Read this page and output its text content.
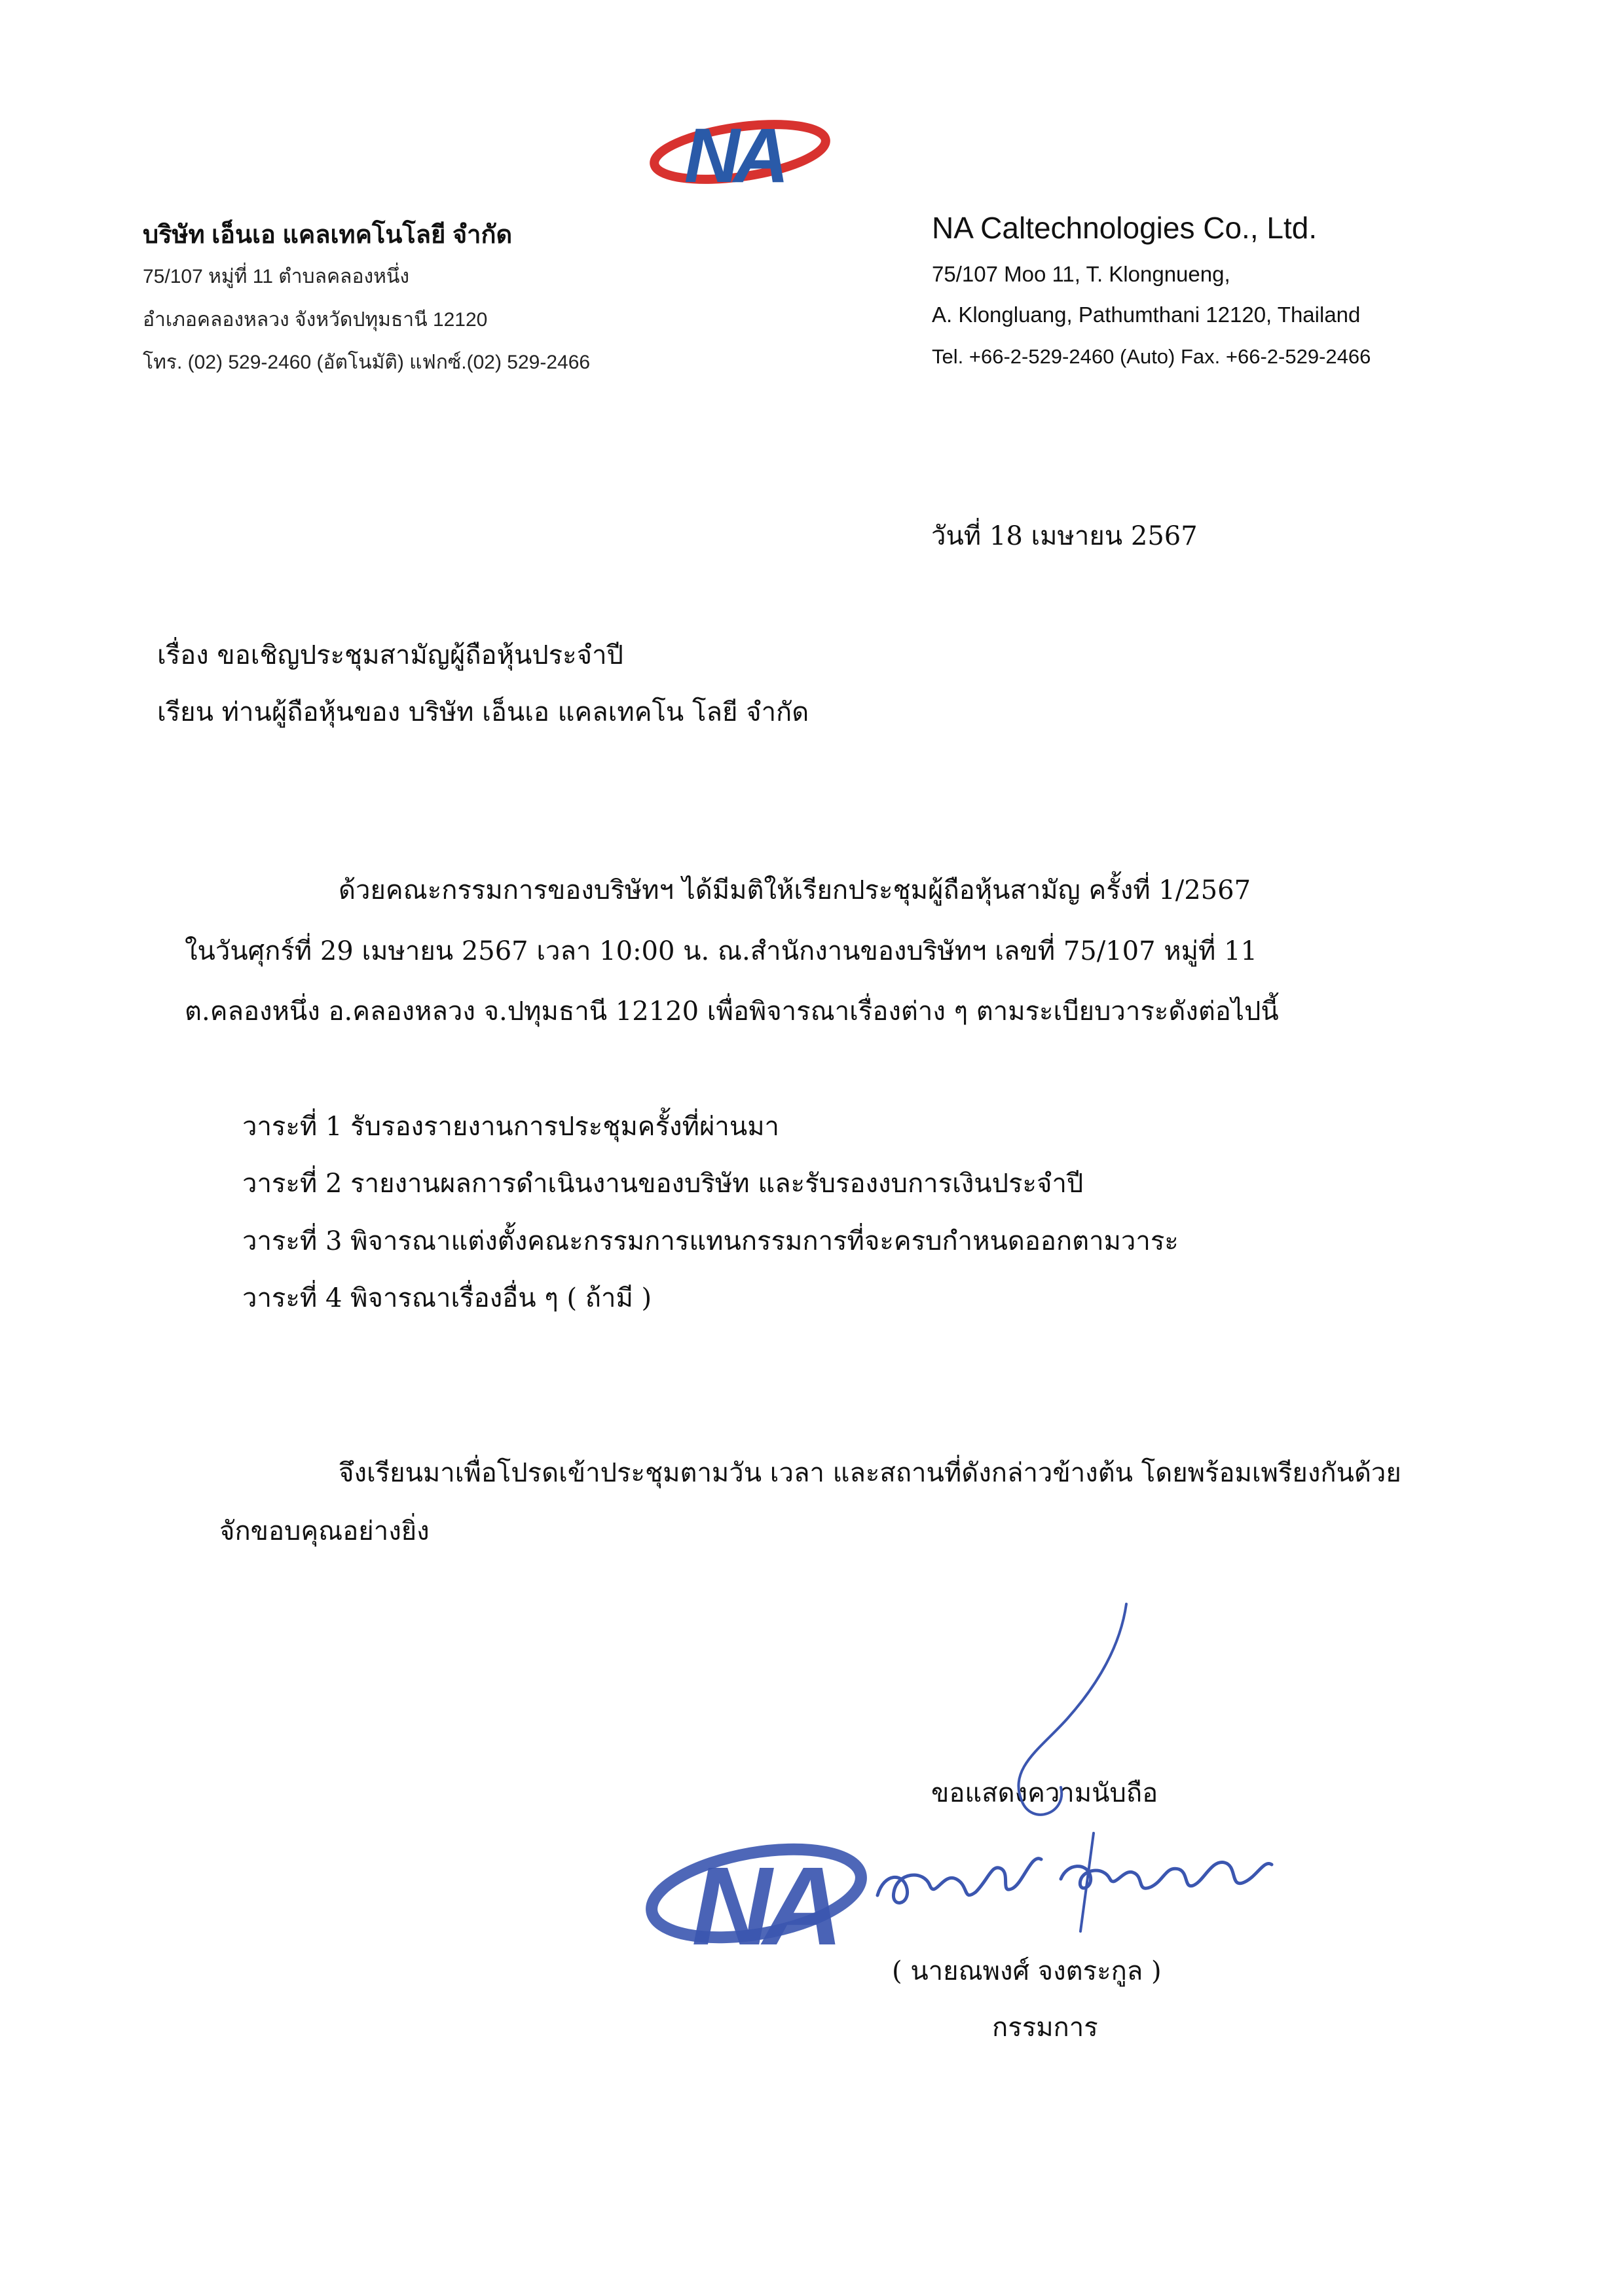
NA
บริษัท เอ็นเอ แคลเทคโนโลยี จำกัด
75/107 หมู่ที่ 11 ตำบลคลองหนึ่ง
อำเภอคลองหลวง จังหวัดปทุมธานี 12120
โทร. (02) 529-2460 (อัตโนมัติ) แฟกซ์.(02) 529-2466
NA Caltechnologies Co., Ltd.
75/107 Moo 11, T. Klongnueng,
A. Klongluang, Pathumthani 12120, Thailand
Tel. +66-2-529-2460 (Auto) Fax. +66-2-529-2466
วันที่ 18 เมษายน 2567
เรื่อง ขอเชิญประชุมสามัญผู้ถือหุ้นประจำปี
เรียน ท่านผู้ถือหุ้นของ บริษัท เอ็นเอ แคลเทคโน โลยี จำกัด
ด้วยคณะกรรมการของบริษัทฯ ได้มีมติให้เรียกประชุมผู้ถือหุ้นสามัญ ครั้งที่ 1/2567
ในวันศุกร์ที่ 29 เมษายน 2567 เวลา 10:00 น. ณ.สำนักงานของบริษัทฯ เลขที่ 75/107 หมู่ที่ 11
ต.คลองหนึ่ง อ.คลองหลวง จ.ปทุมธานี 12120 เพื่อพิจารณาเรื่องต่าง ๆ ตามระเบียบวาระดังต่อไปนี้
วาระที่ 1 รับรองรายงานการประชุมครั้งที่ผ่านมา
วาระที่ 2 รายงานผลการดำเนินงานของบริษัท และรับรองงบการเงินประจำปี
วาระที่ 3 พิจารณาแต่งตั้งคณะกรรมการแทนกรรมการที่จะครบกำหนดออกตามวาระ
วาระที่ 4 พิจารณาเรื่องอื่น ๆ ( ถ้ามี )
จึงเรียนมาเพื่อโปรดเข้าประชุมตามวัน เวลา และสถานที่ดังกล่าวข้างต้น โดยพร้อมเพรียงกันด้วย
จักขอบคุณอย่างยิ่ง
ขอแสดงความนับถือ
NA
( นายณพงศ์ จงตระกูล )
กรรมการ
